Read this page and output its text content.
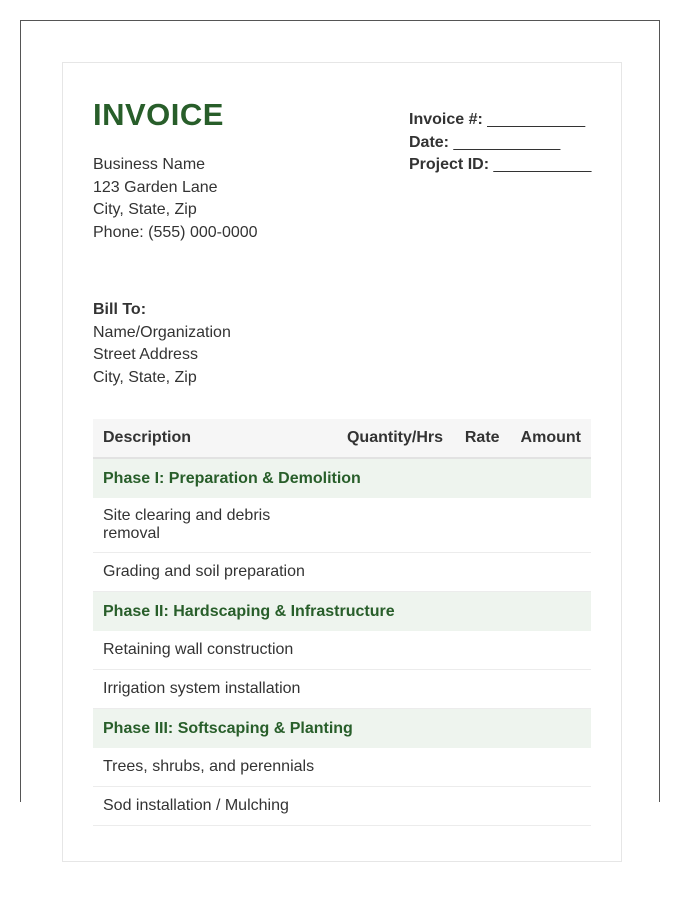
INVOICE
Business Name
123 Garden Lane
City, State, Zip
Phone: (555) 000-0000
Invoice #: ___________
Date: ____________
Project ID: ___________
Bill To:
Name/Organization
Street Address
City, State, Zip
Description	Quantity/Hrs	Rate	Amount
Phase I: Preparation & Demolition			
Site clearing and debris removal			
Grading and soil preparation			
Phase II: Hardscaping & Infrastructure			
Retaining wall construction			
Irrigation system installation			
Phase III: Softscaping & Planting			
Trees, shrubs, and perennials			
Sod installation / Mulching			
